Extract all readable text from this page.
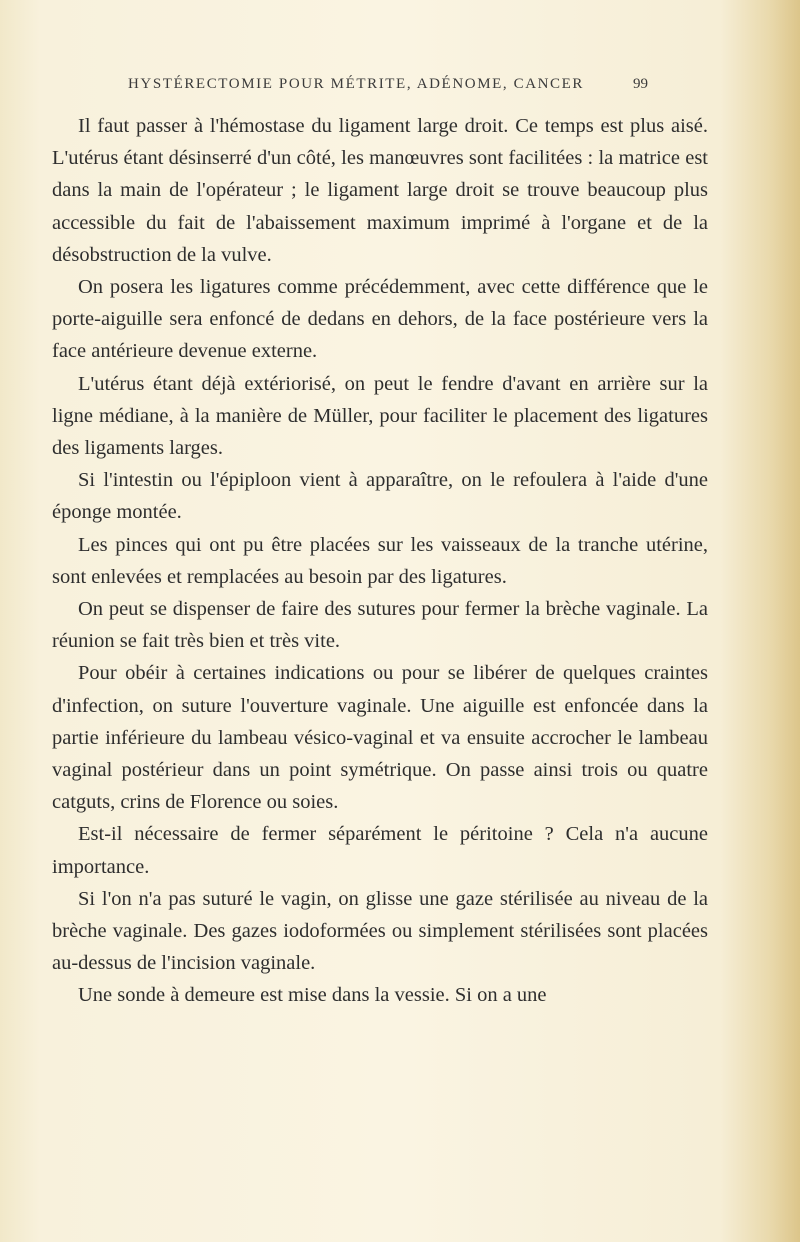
HYSTÉRECTOMIE POUR MÉTRITE, ADÉNOME, CANCER	99

Il faut passer à l'hémostase du ligament large droit. Ce temps est plus aisé. L'utérus étant désinserré d'un côté, les manœuvres sont facilitées : la matrice est dans la main de l'opérateur ; le ligament large droit se trouve beaucoup plus accessible du fait de l'abaissement maximum imprimé à l'organe et de la désobstruction de la vulve.

On posera les ligatures comme précédemment, avec cette différence que le porte-aiguille sera enfoncé de dedans en dehors, de la face postérieure vers la face antérieure devenue externe.

L'utérus étant déjà extériorisé, on peut le fendre d'avant en arrière sur la ligne médiane, à la manière de Müller, pour faciliter le placement des ligatures des ligaments larges.

Si l'intestin ou l'épiploon vient à apparaître, on le refoulera à l'aide d'une éponge montée.

Les pinces qui ont pu être placées sur les vaisseaux de la tranche utérine, sont enlevées et remplacées au besoin par des ligatures.

On peut se dispenser de faire des sutures pour fermer la brèche vaginale. La réunion se fait très bien et très vite.

Pour obéir à certaines indications ou pour se libérer de quelques craintes d'infection, on suture l'ouverture vaginale. Une aiguille est enfoncée dans la partie inférieure du lambeau vésico-vaginal et va ensuite accrocher le lambeau vaginal postérieur dans un point symétrique. On passe ainsi trois ou quatre catguts, crins de Florence ou soies.

Est-il nécessaire de fermer séparément le péritoine ? Cela n'a aucune importance.

Si l'on n'a pas suturé le vagin, on glisse une gaze stérilisée au niveau de la brèche vaginale. Des gazes iodoformées ou simplement stérilisées sont placées au-dessus de l'incision vaginale.

Une sonde à demeure est mise dans la vessie. Si on a une
